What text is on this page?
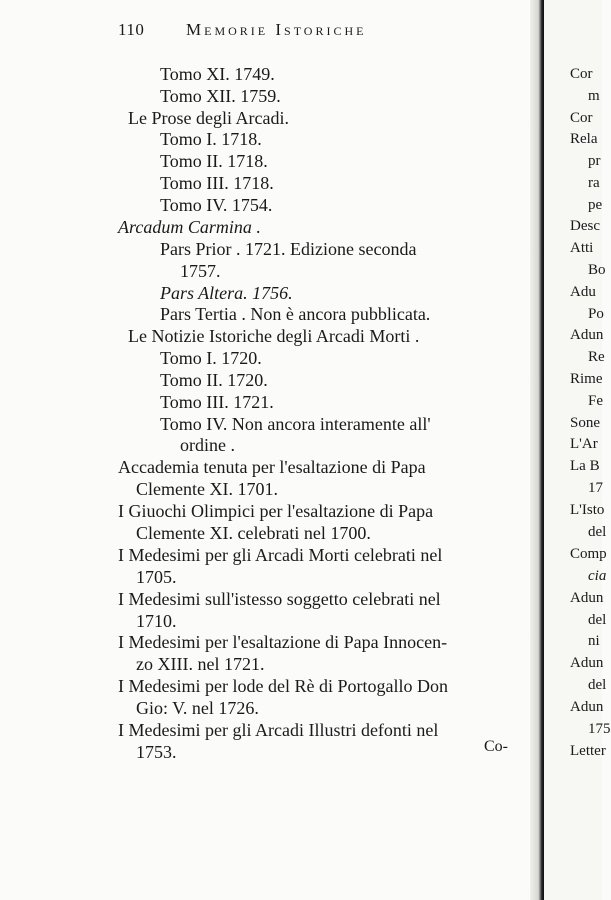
110 Memorie Istoriche
Tomo XI. 1749.
Tomo XII. 1759.
Le Prose degli Arcadi.
Tomo I. 1718.
Tomo II. 1718.
Tomo III. 1718.
Tomo IV. 1754.
Arcadum Carmina .
Pars Prior . 1721. Edizione seconda
1757.
Pars Altera. 1756.
Pars Tertia . Non è ancora pubblicata.
Le Notizie Istoriche degli Arcadi Morti .
Tomo I. 1720.
Tomo II. 1720.
Tomo III. 1721.
Tomo IV. Non ancora interamente all'
ordine .
Accademia tenuta per l'esaltazione di Papa
Clemente XI. 1701.
I Giuochi Olimpici per l'esaltazione di Papa
Clemente XI. celebrati nel 1700.
I Medesimi per gli Arcadi Morti celebrati nel
1705.
I Medesimi sull'istesso soggetto celebrati nel
1710.
I Medesimi per l'esaltazione di Papa Innocen-
zo XIII. nel 1721.
I Medesimi per lode del Rè di Portogallo Don
Gio: V. nel 1726.
I Medesimi per gli Arcadi Illustri defonti nel
1753.	Co-
Cor
m
Cor
Rela
pr
ra
pe
Desc
Atti
Bo
Adu
Po
Adun
Re
Rime
Fe
Sone
L'Ar
La B
17
L'Isto
del
Comp
cia
Adun
del
ni
Adun
del
Adun
175
Letter
